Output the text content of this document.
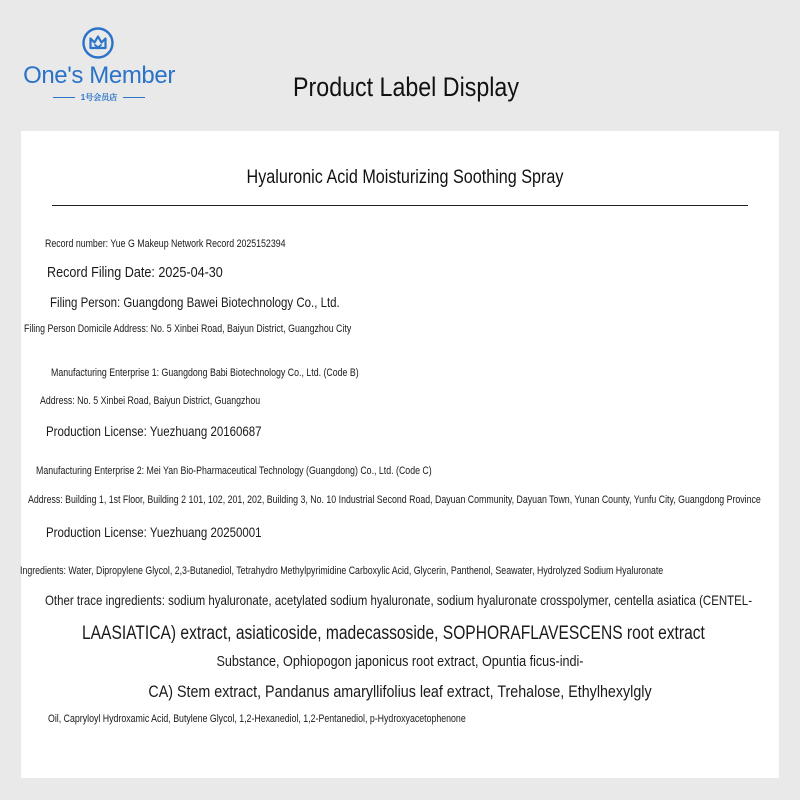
One's Member
1号会员店	Product Label Display
Hyaluronic Acid Moisturizing Soothing Spray
Record number: Yue G Makeup Network Record 2025152394
Record Filing Date: 2025-04-30
Filing Person: Guangdong Bawei Biotechnology Co., Ltd.
Filing Person Domicile Address: No. 5 Xinbei Road, Baiyun District, Guangzhou City
Manufacturing Enterprise 1: Guangdong Babi Biotechnology Co., Ltd. (Code B)
Address: No. 5 Xinbei Road, Baiyun District, Guangzhou
Production License: Yuezhuang 20160687
Manufacturing Enterprise 2: Mei Yan Bio-Pharmaceutical Technology (Guangdong) Co., Ltd. (Code C)
Address: Building 1, 1st Floor, Building 2 101, 102, 201, 202, Building 3, No. 10 Industrial Second Road, Dayuan Community, Dayuan Town, Yunan County, Yunfu City, Guangdong Province
Production License: Yuezhuang 20250001
Ingredients: Water, Dipropylene Glycol, 2,3-Butanediol, Tetrahydro Methylpyrimidine Carboxylic Acid, Glycerin, Panthenol, Seawater, Hydrolyzed Sodium Hyaluronate
Other trace ingredients: sodium hyaluronate, acetylated sodium hyaluronate, sodium hyaluronate crosspolymer, centella asiatica (CENTEL-
LAASIATICA) extract, asiaticoside, madecassoside, SOPHORAFLAVESCENS root extract
Substance, Ophiopogon japonicus root extract, Opuntia ficus-indi-
CA) Stem extract, Pandanus amaryllifolius leaf extract, Trehalose, Ethylhexylgly
Oil, Capryloyl Hydroxamic Acid, Butylene Glycol, 1,2-Hexanediol, 1,2-Pentanediol, p-Hydroxyacetophenone
